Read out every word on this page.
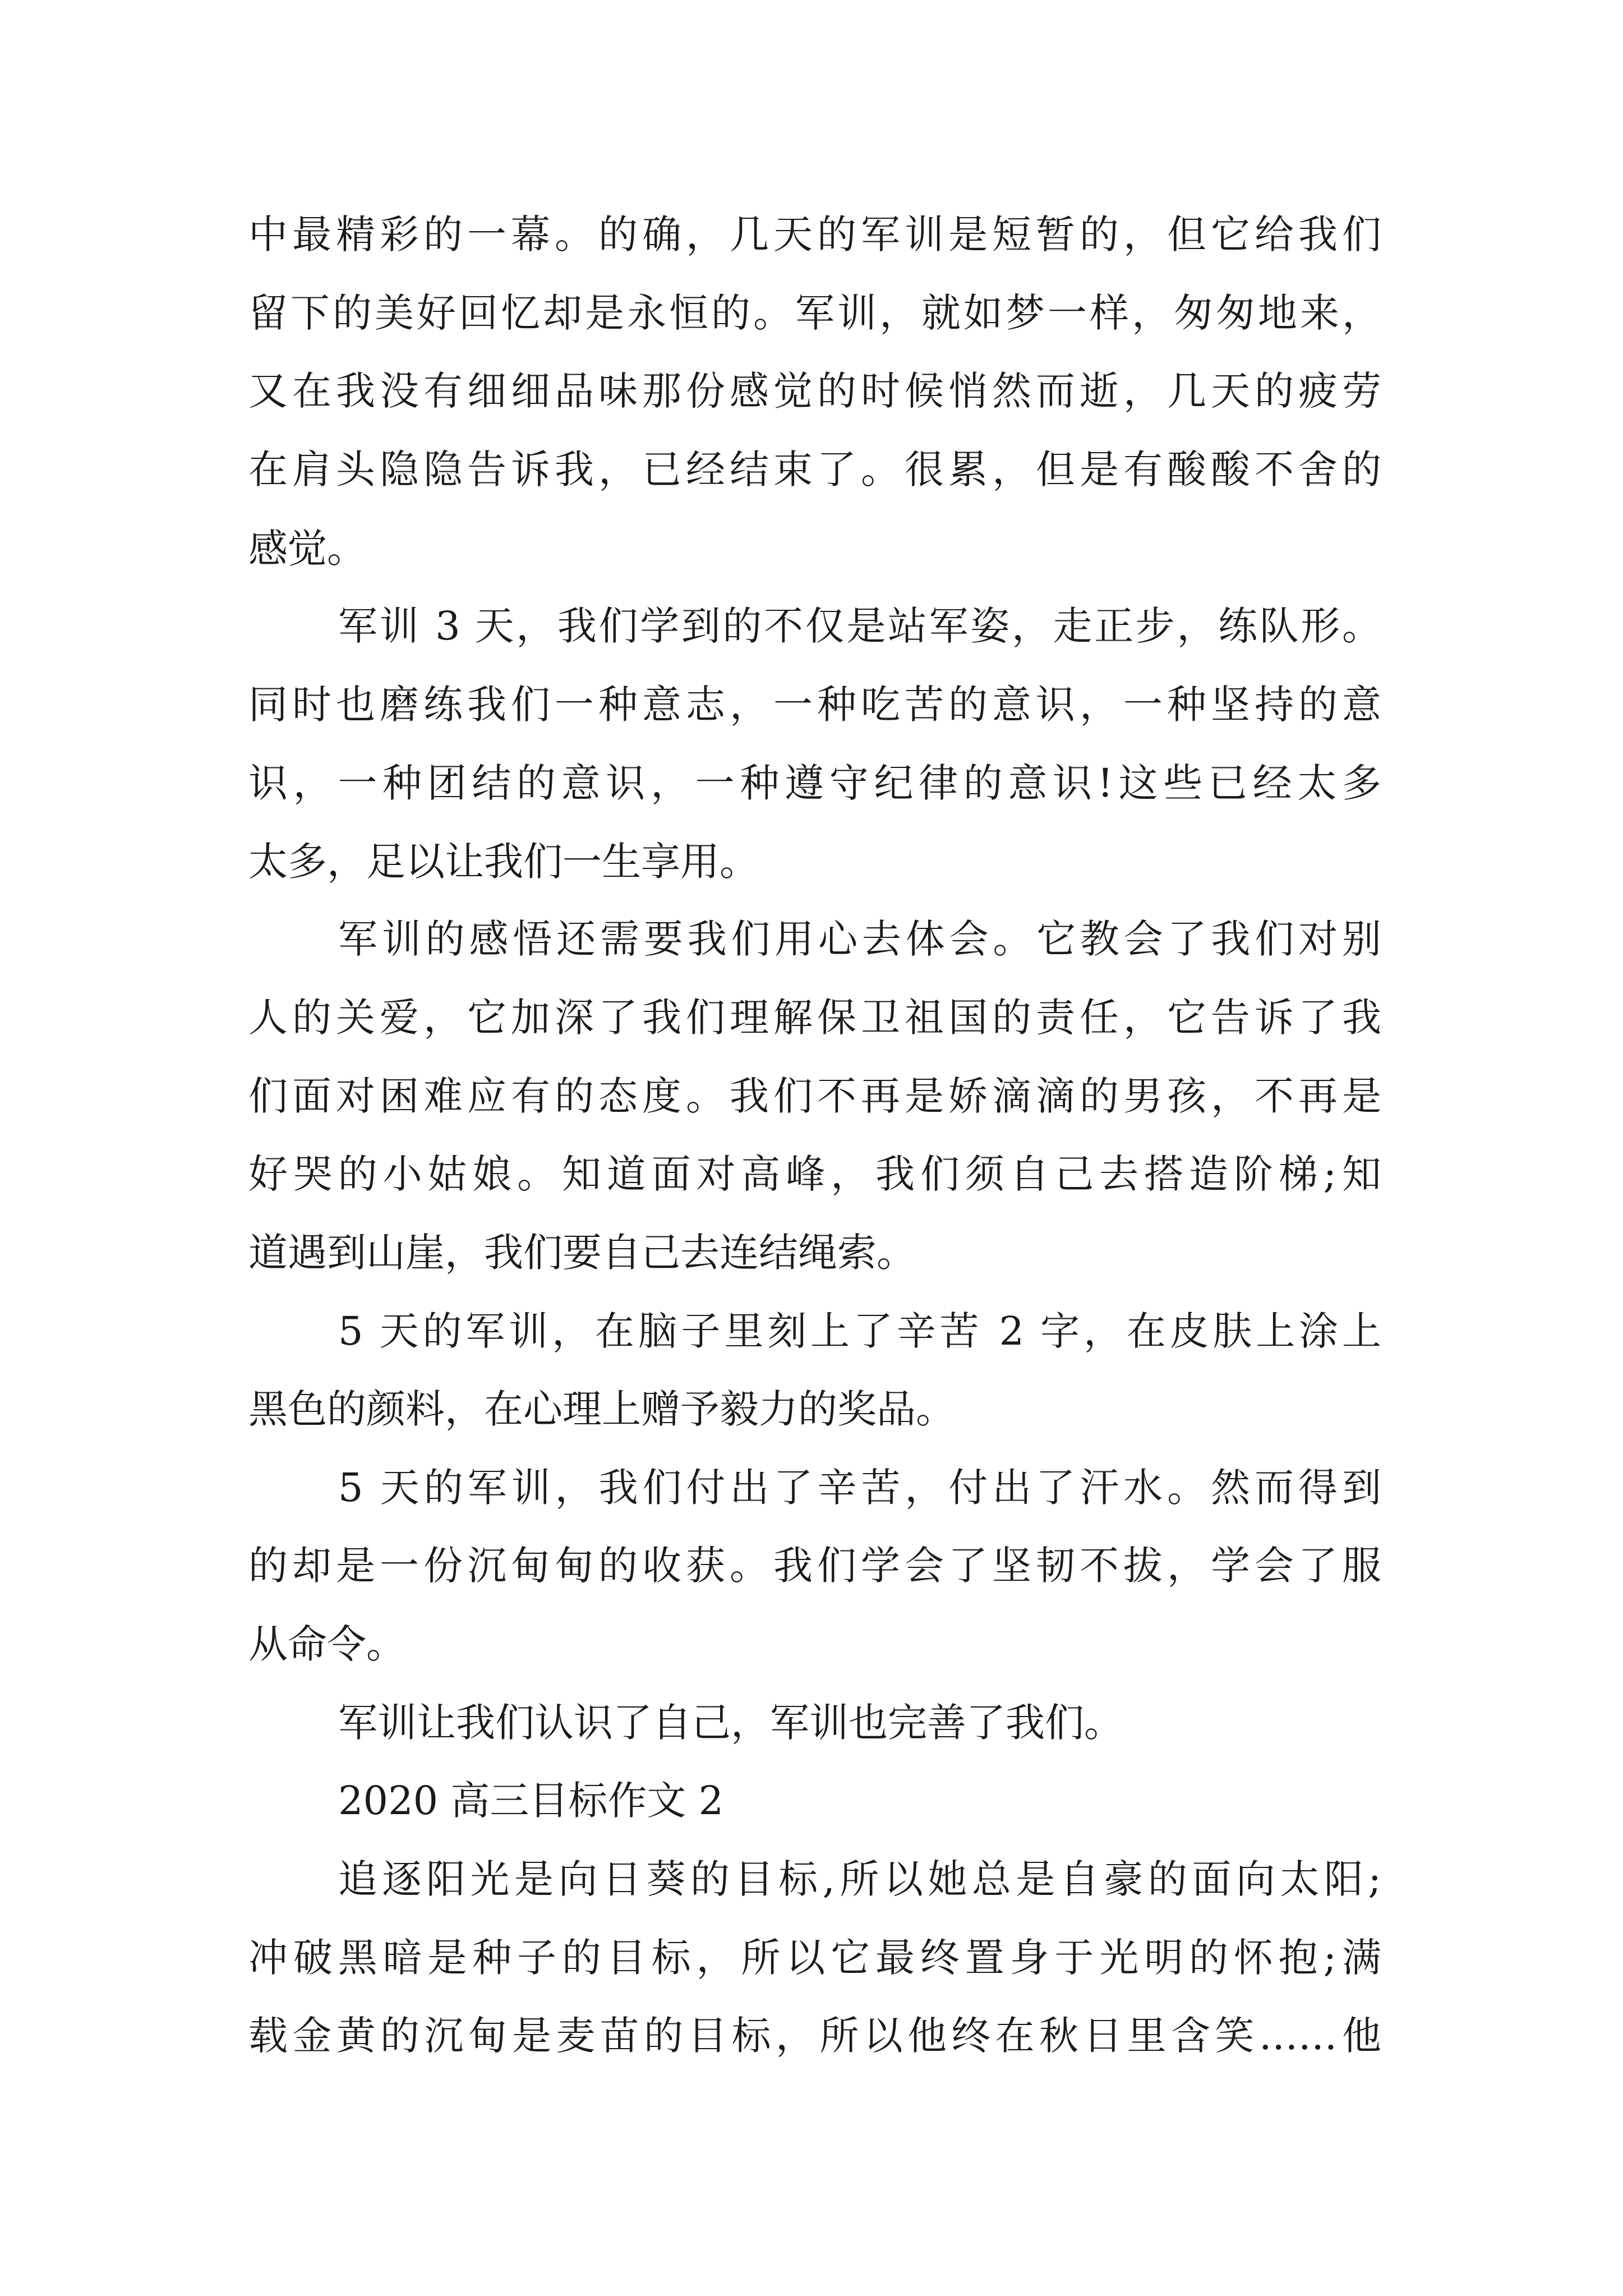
中最精彩的一幕。的确，几天的军训是短暂的，但它给我们
留下的美好回忆却是永恒的。军训，就如梦一样，匆匆地来，
又在我没有细细品味那份感觉的时候悄然而逝，几天的疲劳
在肩头隐隐告诉我，已经结束了。很累，但是有酸酸不舍的
感觉。
军训 3 天，我们学到的不仅是站军姿，走正步，练队形。
同时也磨练我们一种意志，一种吃苦的意识，一种坚持的意
识，一种团结的意识，一种遵守纪律的意识!这些已经太多
太多，足以让我们一生享用。
军训的感悟还需要我们用心去体会。它教会了我们对别
人的关爱，它加深了我们理解保卫祖国的责任，它告诉了我
们面对困难应有的态度。我们不再是娇滴滴的男孩，不再是
好哭的小姑娘。知道面对高峰，我们须自己去搭造阶梯;知
道遇到山崖，我们要自己去连结绳索。
5 天的军训，在脑子里刻上了辛苦 2 字，在皮肤上涂上
黑色的颜料，在心理上赠予毅力的奖品。
5 天的军训，我们付出了辛苦，付出了汗水。然而得到
的却是一份沉甸甸的收获。我们学会了坚韧不拔，学会了服
从命令。
军训让我们认识了自己，军训也完善了我们。
2020 高三目标作文 2
追逐阳光是向日葵的目标,所以她总是自豪的面向太阳;
冲破黑暗是种子的目标，所以它最终置身于光明的怀抱;满
载金黄的沉甸是麦苗的目标，所以他终在秋日里含笑……他
